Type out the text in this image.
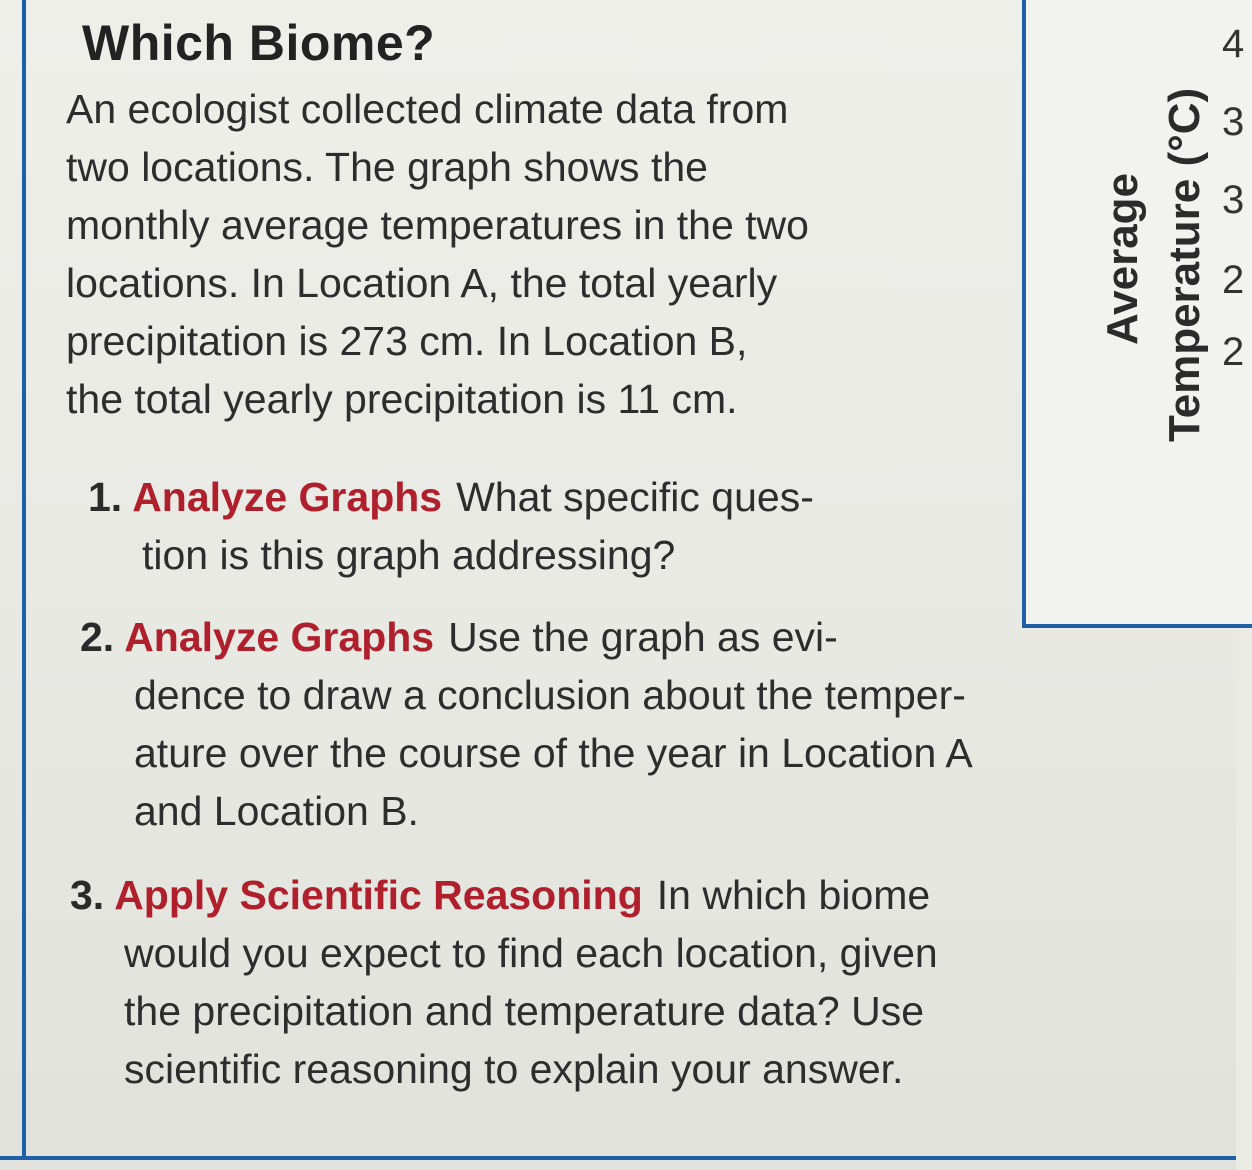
Which Biome?
An ecologist collected climate data from
two locations. The graph shows the
monthly average temperatures in the two
locations. In Location A, the total yearly
precipitation is 273 cm. In Location B,
the total yearly precipitation is 11 cm.
1. Analyze Graphs What specific ques-
tion is this graph addressing?
2. Analyze Graphs Use the graph as evi-
dence to draw a conclusion about the temper-
ature over the course of the year in Location A
and Location B.
3. Apply Scientific Reasoning In which biome
would you expect to find each location, given
the precipitation and temperature data? Use
scientific reasoning to explain your answer.
Average Temperature (°C)
4
3
3
2
2
